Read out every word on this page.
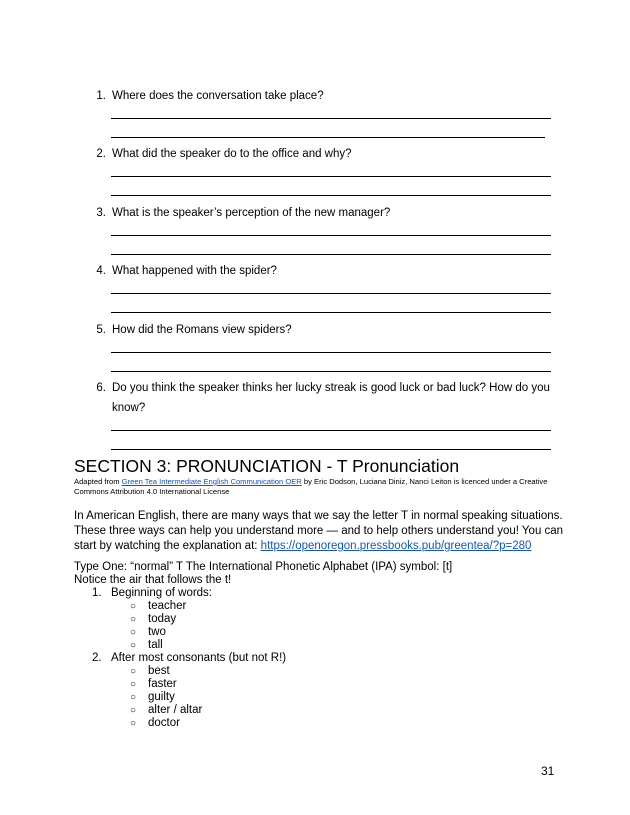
1. Where does the conversation take place?
2. What did the speaker do to the office and why?
3. What is the speaker’s perception of the new manager?
4. What happened with the spider?
5. How did the Romans view spiders?
6. Do you think the speaker thinks her lucky streak is good luck or bad luck? How do you know?
SECTION 3: PRONUNCIATION - T Pronunciation
Adapted from Green Tea Intermediate English Communication OER by Eric Dodson, Luciana Diniz, Nanci Leiton is licenced under a Creative Commons Attribution 4.0 International License
In American English, there are many ways that we say the letter T in normal speaking situations. These three ways can help you understand more — and to help others understand you! You can start by watching the explanation at: https://openoregon.pressbooks.pub/greentea/?p=280
Type One: “normal” T The International Phonetic Alphabet (IPA) symbol: [t]
Notice the air that follows the t!
1. Beginning of words:
○ teacher
○ today
○ two
○ tall
2. After most consonants (but not R!)
○ best
○ faster
○ guilty
○ alter / altar
○ doctor
31
